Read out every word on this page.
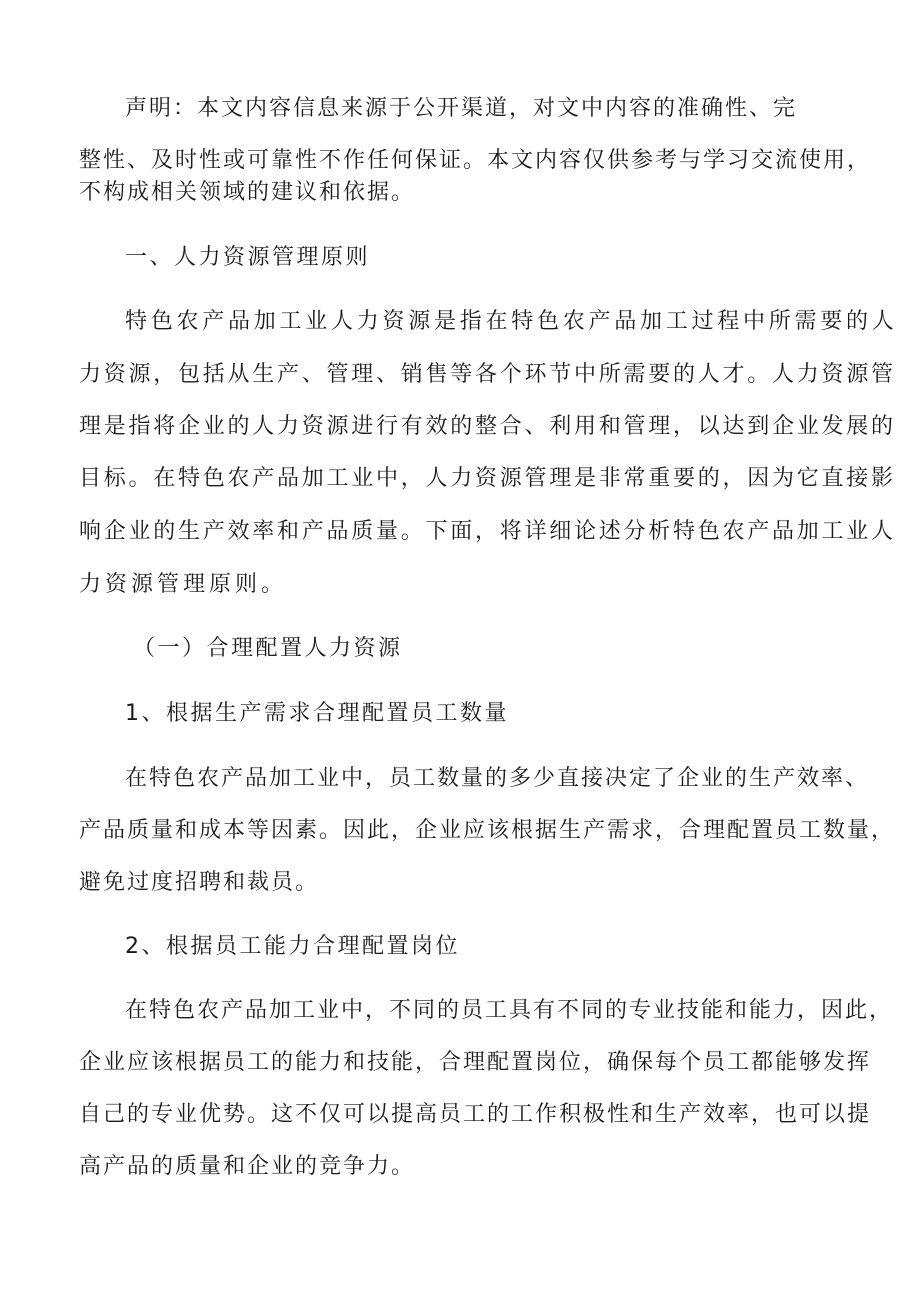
声明：本文内容信息来源于公开渠道，对文中内容的准确性、完

整性、及时性或可靠性不作任何保证。本文内容仅供参考与学习交流使用，

不构成相关领域的建议和依据。

一、人力资源管理原则

特色农产品加工业人力资源是指在特色农产品加工过程中所需要的人

力资源，包括从生产、管理、销售等各个环节中所需要的人才。人力资源管

理是指将企业的人力资源进行有效的整合、利用和管理，以达到企业发展的

目标。在特色农产品加工业中，人力资源管理是非常重要的，因为它直接影

响企业的生产效率和产品质量。下面，将详细论述分析特色农产品加工业人

力资源管理原则。

（一）合理配置人力资源
1、根据生产需求合理配置员工数量

在特色农产品加工业中，员工数量的多少直接决定了企业的生产效率、

产品质量和成本等因素。因此，企业应该根据生产需求，合理配置员工数量，

避免过度招聘和裁员。

2、根据员工能力合理配置岗位

在特色农产品加工业中，不同的员工具有不同的专业技能和能力，因此，

企业应该根据员工的能力和技能，合理配置岗位，确保每个员工都能够发挥

自己的专业优势。这不仅可以提高员工的工作积极性和生产效率，也可以提

高产品的质量和企业的竞争力。
